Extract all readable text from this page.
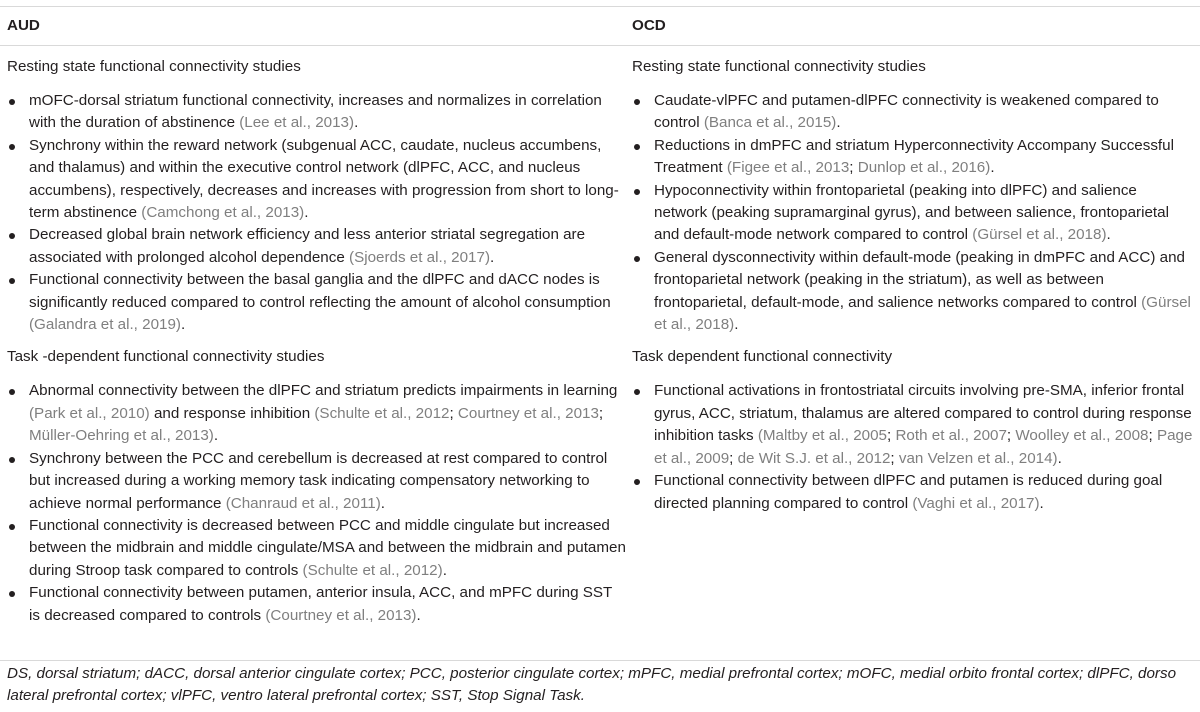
AUD	OCD

Resting state functional connectivity studies

mOFC-dorsal striatum functional connectivity, increases and normalizes in correlation with the duration of abstinence (Lee et al., 2013).
Synchrony within the reward network (subgenual ACC, caudate, nucleus accumbens, and thalamus) and within the executive control network (dlPFC, ACC, and nucleus accumbens), respectively, decreases and increases with progression from short to long-term abstinence (Camchong et al., 2013).
Decreased global brain network efficiency and less anterior striatal segregation are associated with prolonged alcohol dependence (Sjoerds et al., 2017).
Functional connectivity between the basal ganglia and the dlPFC and dACC nodes is significantly reduced compared to control reflecting the amount of alcohol consumption (Galandra et al., 2019).

Task -dependent functional connectivity studies

Abnormal connectivity between the dlPFC and striatum predicts impairments in learning (Park et al., 2010) and response inhibition (Schulte et al., 2012; Courtney et al., 2013; Müller-Oehring et al., 2013).
Synchrony between the PCC and cerebellum is decreased at rest compared to control but increased during a working memory task indicating compensatory networking to achieve normal performance (Chanraud et al., 2011).
Functional connectivity is decreased between PCC and middle cingulate but increased between the midbrain and middle cingulate/MSA and between the midbrain and putamen during Stroop task compared to controls (Schulte et al., 2012).
Functional connectivity between putamen, anterior insula, ACC, and mPFC during SST is decreased compared to controls (Courtney et al., 2013).

Resting state functional connectivity studies

Caudate-vlPFC and putamen-dlPFC connectivity is weakened compared to control (Banca et al., 2015).
Reductions in dmPFC and striatum Hyperconnectivity Accompany Successful Treatment (Figee et al., 2013; Dunlop et al., 2016).
Hypoconnectivity within frontoparietal (peaking into dlPFC) and salience network (peaking supramarginal gyrus), and between salience, frontoparietal and default-mode network compared to control (Gürsel et al., 2018).
General dysconnectivity within default-mode (peaking in dmPFC and ACC) and frontoparietal network (peaking in the striatum), as well as between frontoparietal, default-mode, and salience networks compared to control (Gürsel et al., 2018).

Task dependent functional connectivity

Functional activations in frontostriatal circuits involving pre-SMA, inferior frontal gyrus, ACC, striatum, thalamus are altered compared to control during response inhibition tasks (Maltby et al., 2005; Roth et al., 2007; Woolley et al., 2008; Page et al., 2009; de Wit S.J. et al., 2012; van Velzen et al., 2014).
Functional connectivity between dlPFC and putamen is reduced during goal directed planning compared to control (Vaghi et al., 2017).
DS, dorsal striatum; dACC, dorsal anterior cingulate cortex; PCC, posterior cingulate cortex; mPFC, medial prefrontal cortex; mOFC, medial orbito frontal cortex; dlPFC, dorso lateral prefrontal cortex; vlPFC, ventro lateral prefrontal cortex; SST, Stop Signal Task.
